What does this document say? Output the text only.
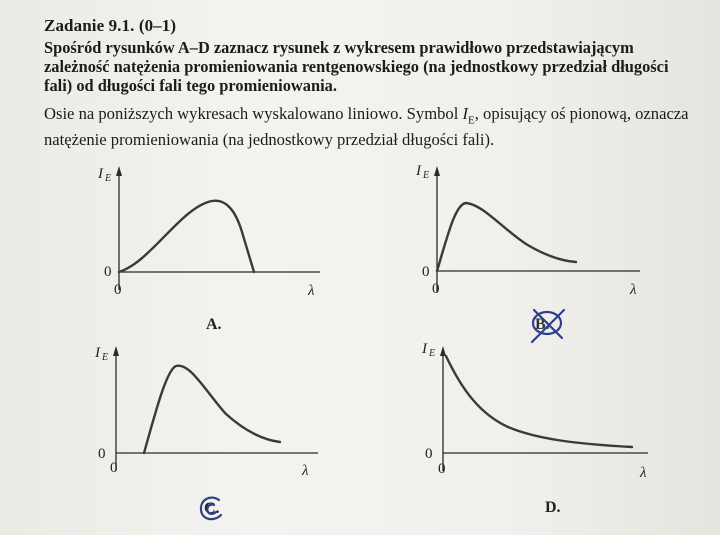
Zadanie 9.1. (0–1)
Spośród rysunków A–D zaznacz rysunek z wykresem prawidłowo przedstawiającym zależność natężenia promieniowania rentgenowskiego (na jednostkowy przedział długości fali) od długości fali tego promieniowania.
Osie na poniższych wykresach wyskalowano liniowo. Symbol $I_E$, opisujący oś pionową, oznacza natężenie promieniowania (na jednostkowy przedział długości fali).
I E
0
0	λ
A.
I E
0
0	λ
B.
I E
0
0	λ
C.
I E
0
0	λ
D.
